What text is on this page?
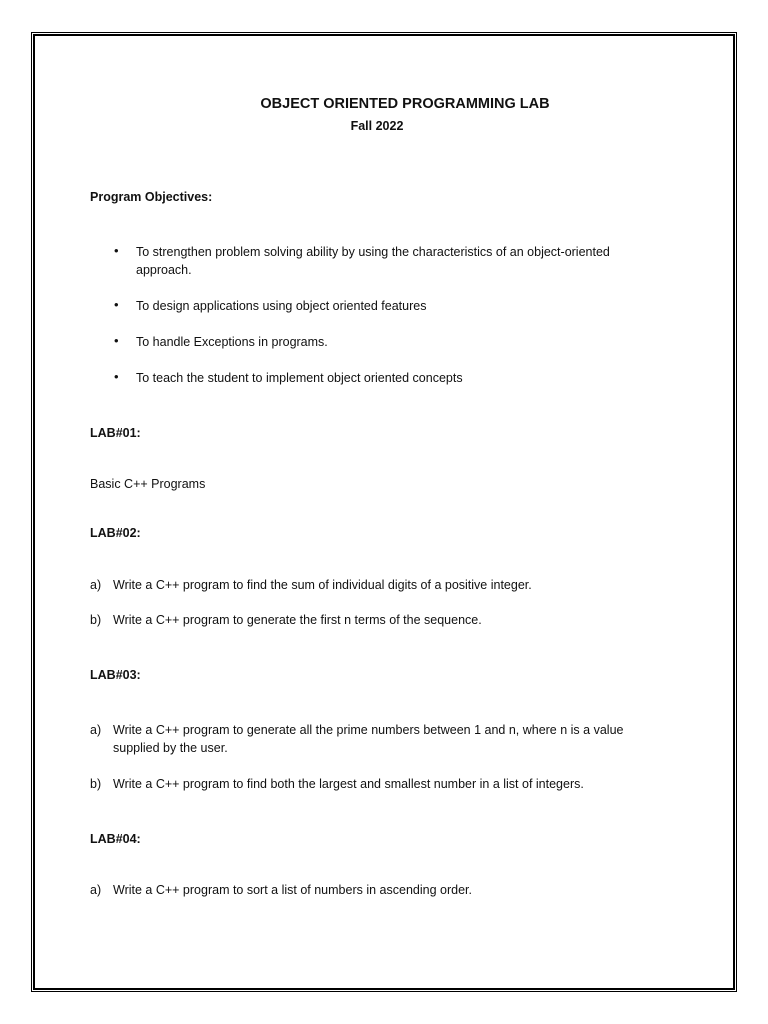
OBJECT ORIENTED PROGRAMMING LAB
Fall 2022
Program Objectives:
• To strengthen problem solving ability by using the characteristics of an object-oriented
approach.
• To design applications using object oriented features
• To handle Exceptions in programs.
• To teach the student to implement object oriented concepts
LAB#01:
Basic C++ Programs
LAB#02:
a) Write a C++ program to find the sum of individual digits of a positive integer.
b) Write a C++ program to generate the first n terms of the sequence.
LAB#03:
a) Write a C++ program to generate all the prime numbers between 1 and n, where n is a value
supplied by the user.
b) Write a C++ program to find both the largest and smallest number in a list of integers.
LAB#04:
a) Write a C++ program to sort a list of numbers in ascending order.
